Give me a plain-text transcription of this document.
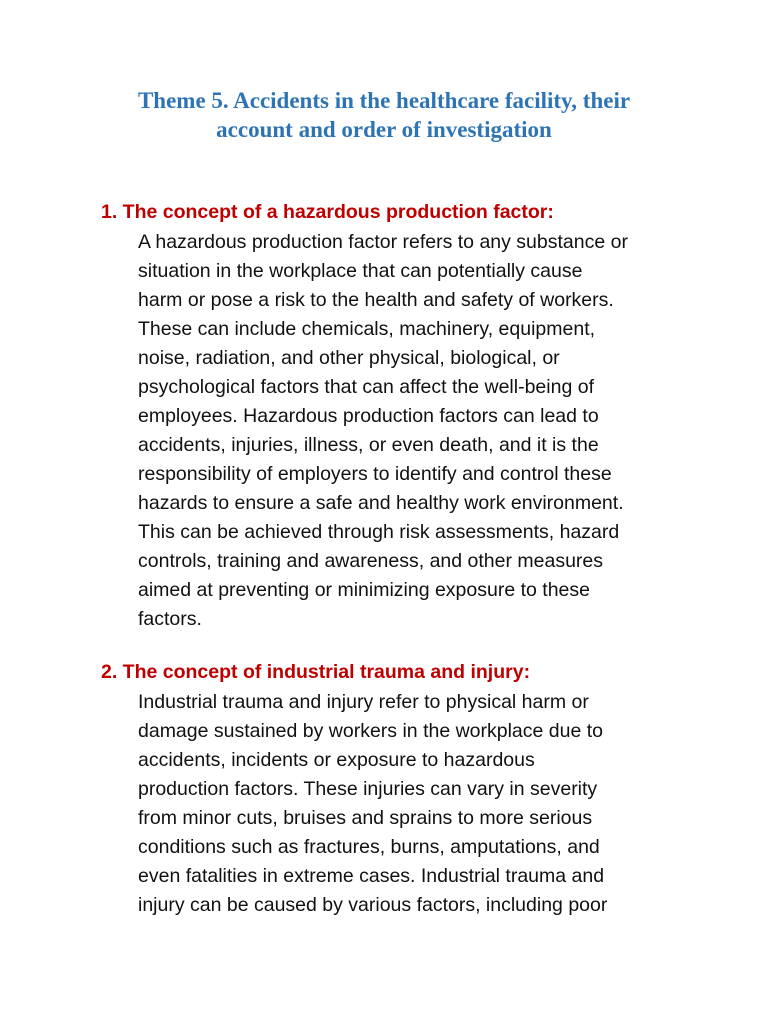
Theme 5. Accidents in the healthcare facility, their
account and order of investigation
1. The concept of a hazardous production factor:
A hazardous production factor refers to any substance or
situation in the workplace that can potentially cause
harm or pose a risk to the health and safety of workers.
These can include chemicals, machinery, equipment,
noise, radiation, and other physical, biological, or
psychological factors that can affect the well-being of
employees. Hazardous production factors can lead to
accidents, injuries, illness, or even death, and it is the
responsibility of employers to identify and control these
hazards to ensure a safe and healthy work environment.
This can be achieved through risk assessments, hazard
controls, training and awareness, and other measures
aimed at preventing or minimizing exposure to these
factors.
2. The concept of industrial trauma and injury:
Industrial trauma and injury refer to physical harm or
damage sustained by workers in the workplace due to
accidents, incidents or exposure to hazardous
production factors. These injuries can vary in severity
from minor cuts, bruises and sprains to more serious
conditions such as fractures, burns, amputations, and
even fatalities in extreme cases. Industrial trauma and
injury can be caused by various factors, including poor
